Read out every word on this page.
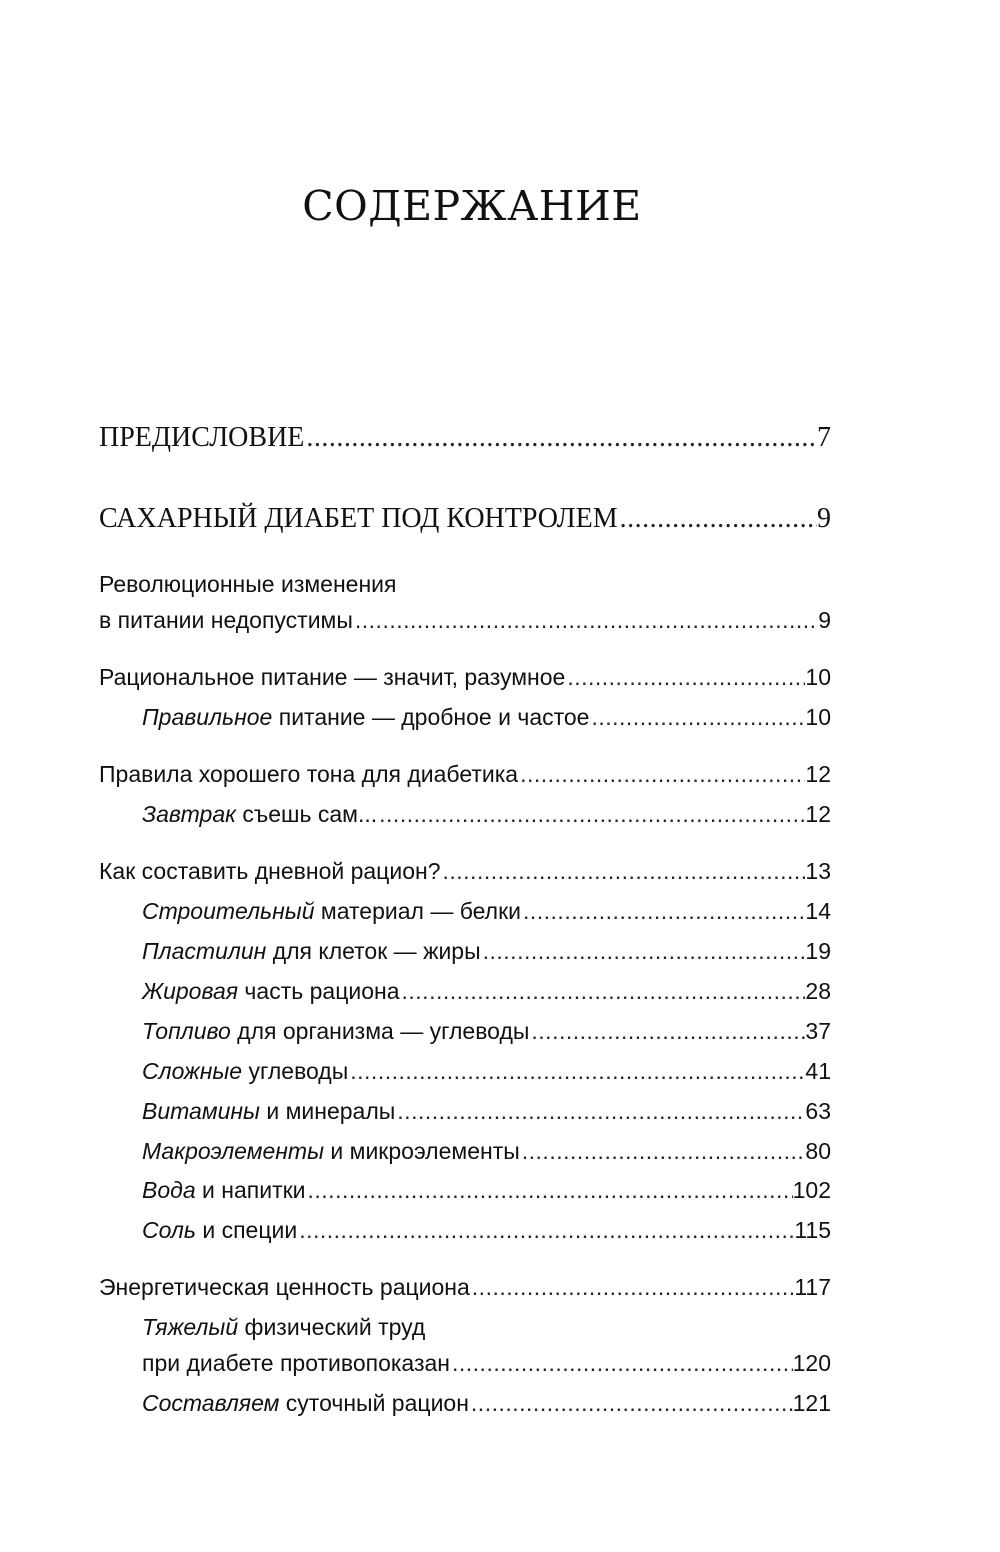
СОДЕРЖАНИЕ
ПРЕДИСЛОВИЕ .....	7
САХАРНЫЙ ДИАБЕТ ПОД КОНТРОЛЕМ .....	9
Революционные изменения
в питании недопустимы .....	9
Рациональное питание — значит, разумное .....	10
Правильное питание — дробное и частое .....	10
Правила хорошего тона для диабетика .....	12
Завтрак съешь сам... .....	12
Как составить дневной рацион? .....	13
Строительный материал — белки .....	14
Пластилин для клеток — жиры .....	19
Жировая часть рациона .....	28
Топливо для организма — углеводы .....	37
Сложные углеводы .....	41
Витамины и минералы .....	63
Макроэлементы и микроэлементы .....	80
Вода и напитки .....	102
Соль и специи .....	115
Энергетическая ценность рациона .....	117
Тяжелый физический труд
при диабете противопоказан .....	120
Составляем суточный рацион .....	121
